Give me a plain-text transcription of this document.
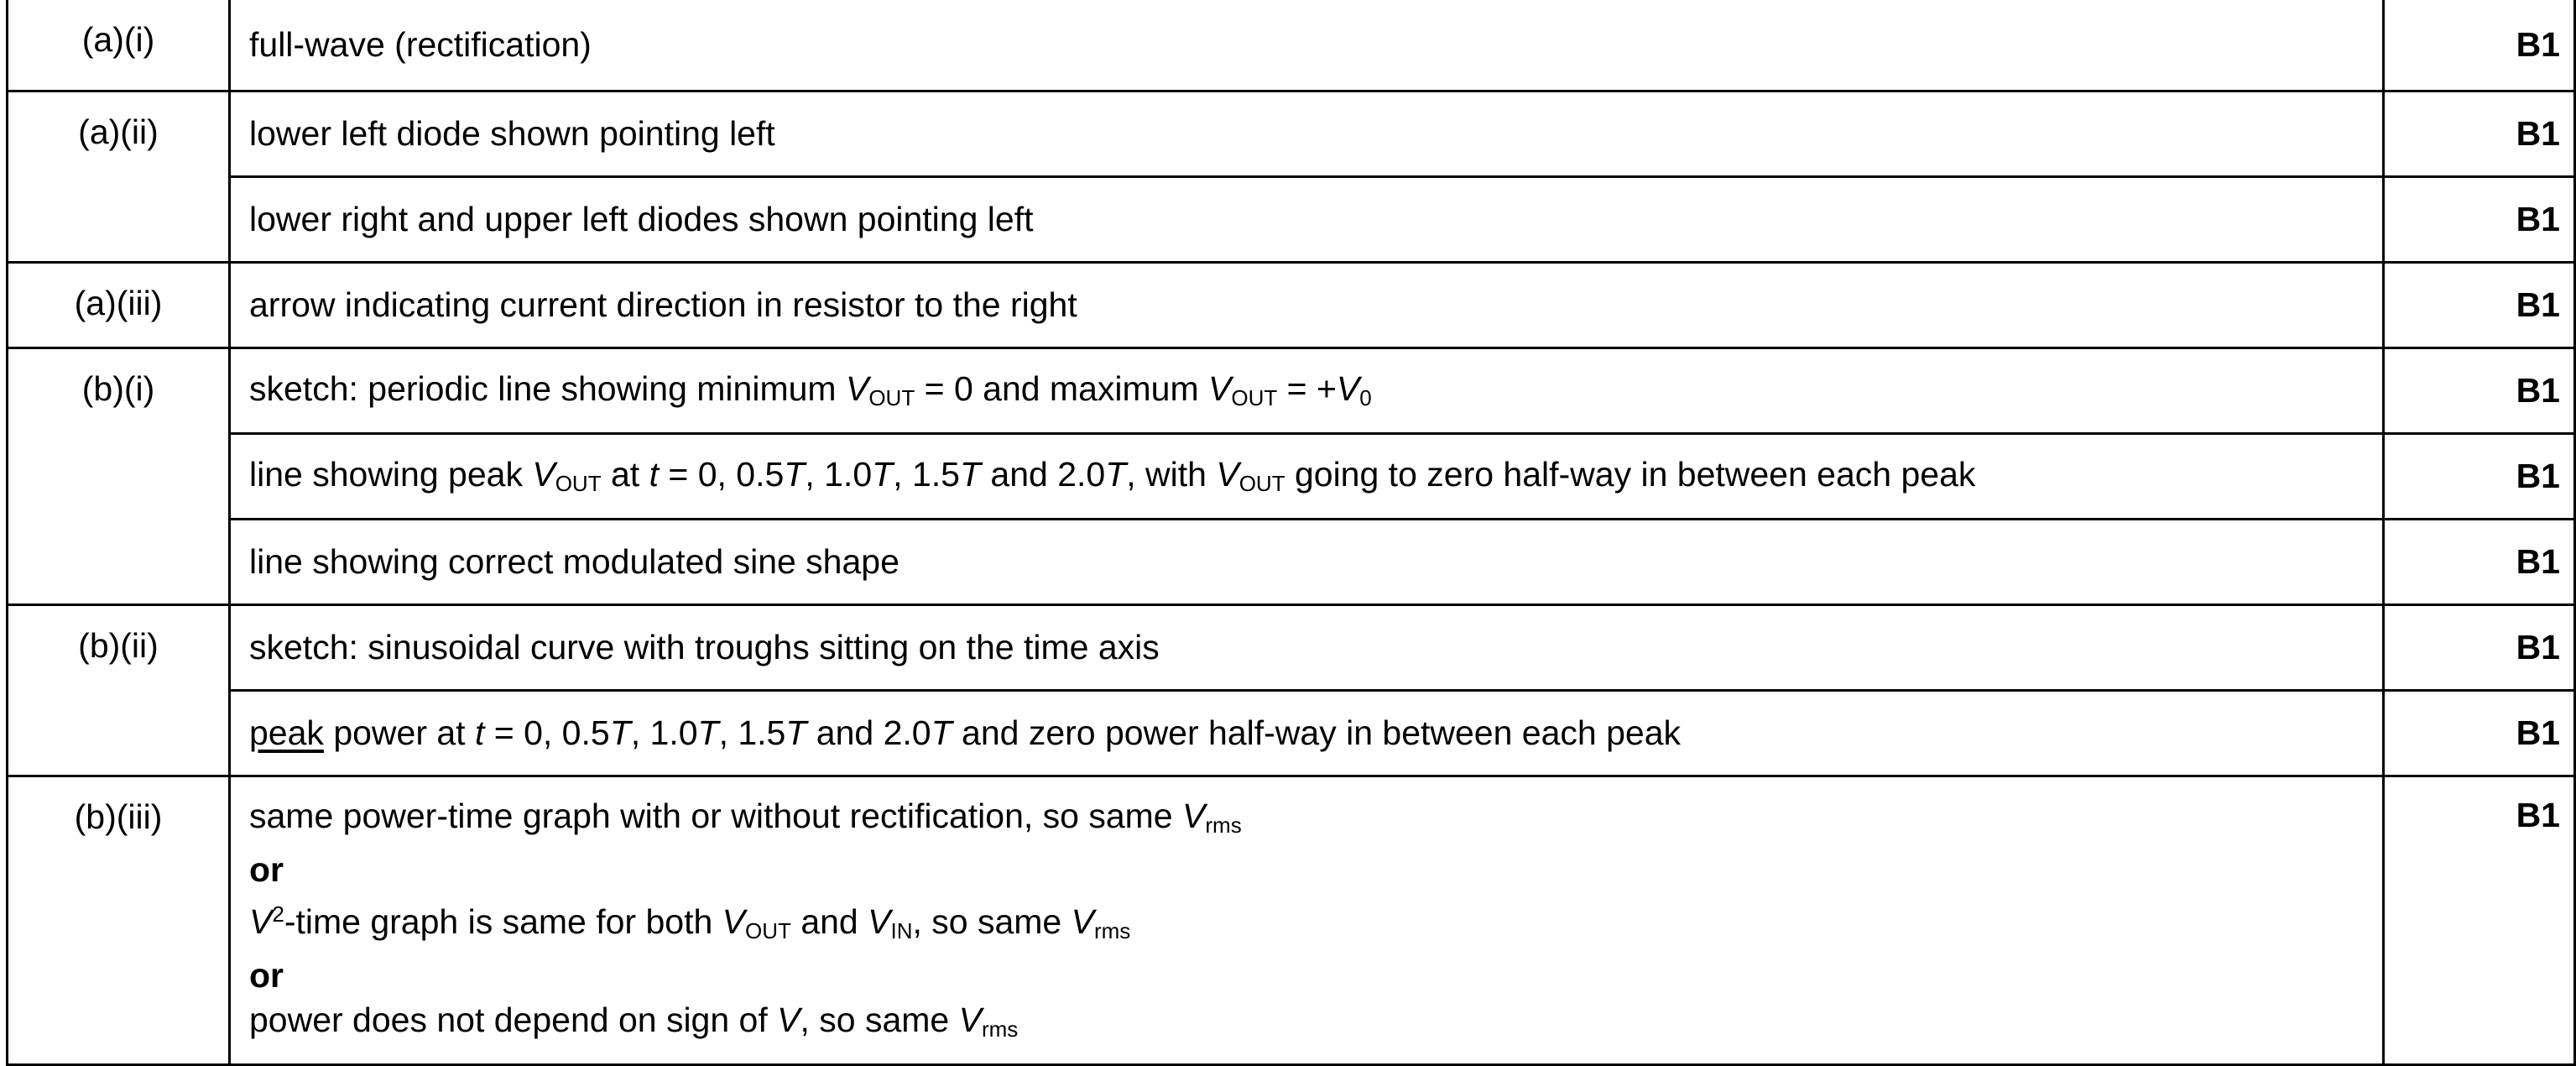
(a)(i)	full-wave (rectification)	B1
(a)(ii)	lower left diode shown pointing left	B1
	lower right and upper left diodes shown pointing left	B1
(a)(iii)	arrow indicating current direction in resistor to the right	B1
(b)(i)	sketch: periodic line showing minimum $V_{OUT} = 0$ and maximum $V_{OUT} = +V_0$	B1
	line showing peak $V_{OUT}$ at t = 0, 0.5T, 1.0T, 1.5T and 2.0T, with $V_{OUT}$ going to zero half-way in between each peak	B1
	line showing correct modulated sine shape	B1
(b)(ii)	sketch: sinusoidal curve with troughs sitting on the time axis	B1
	peak power at t = 0, 0.5T, 1.0T, 1.5T and 2.0T and zero power half-way in between each peak	B1
(b)(iii)	same power-time graph with or without rectification, so same $V_{rms}$
or
$V^2$-time graph is same for both $V_{OUT}$ and $V_{IN}$, so same $V_{rms}$
or
power does not depend on sign of V, so same $V_{rms}$	B1
